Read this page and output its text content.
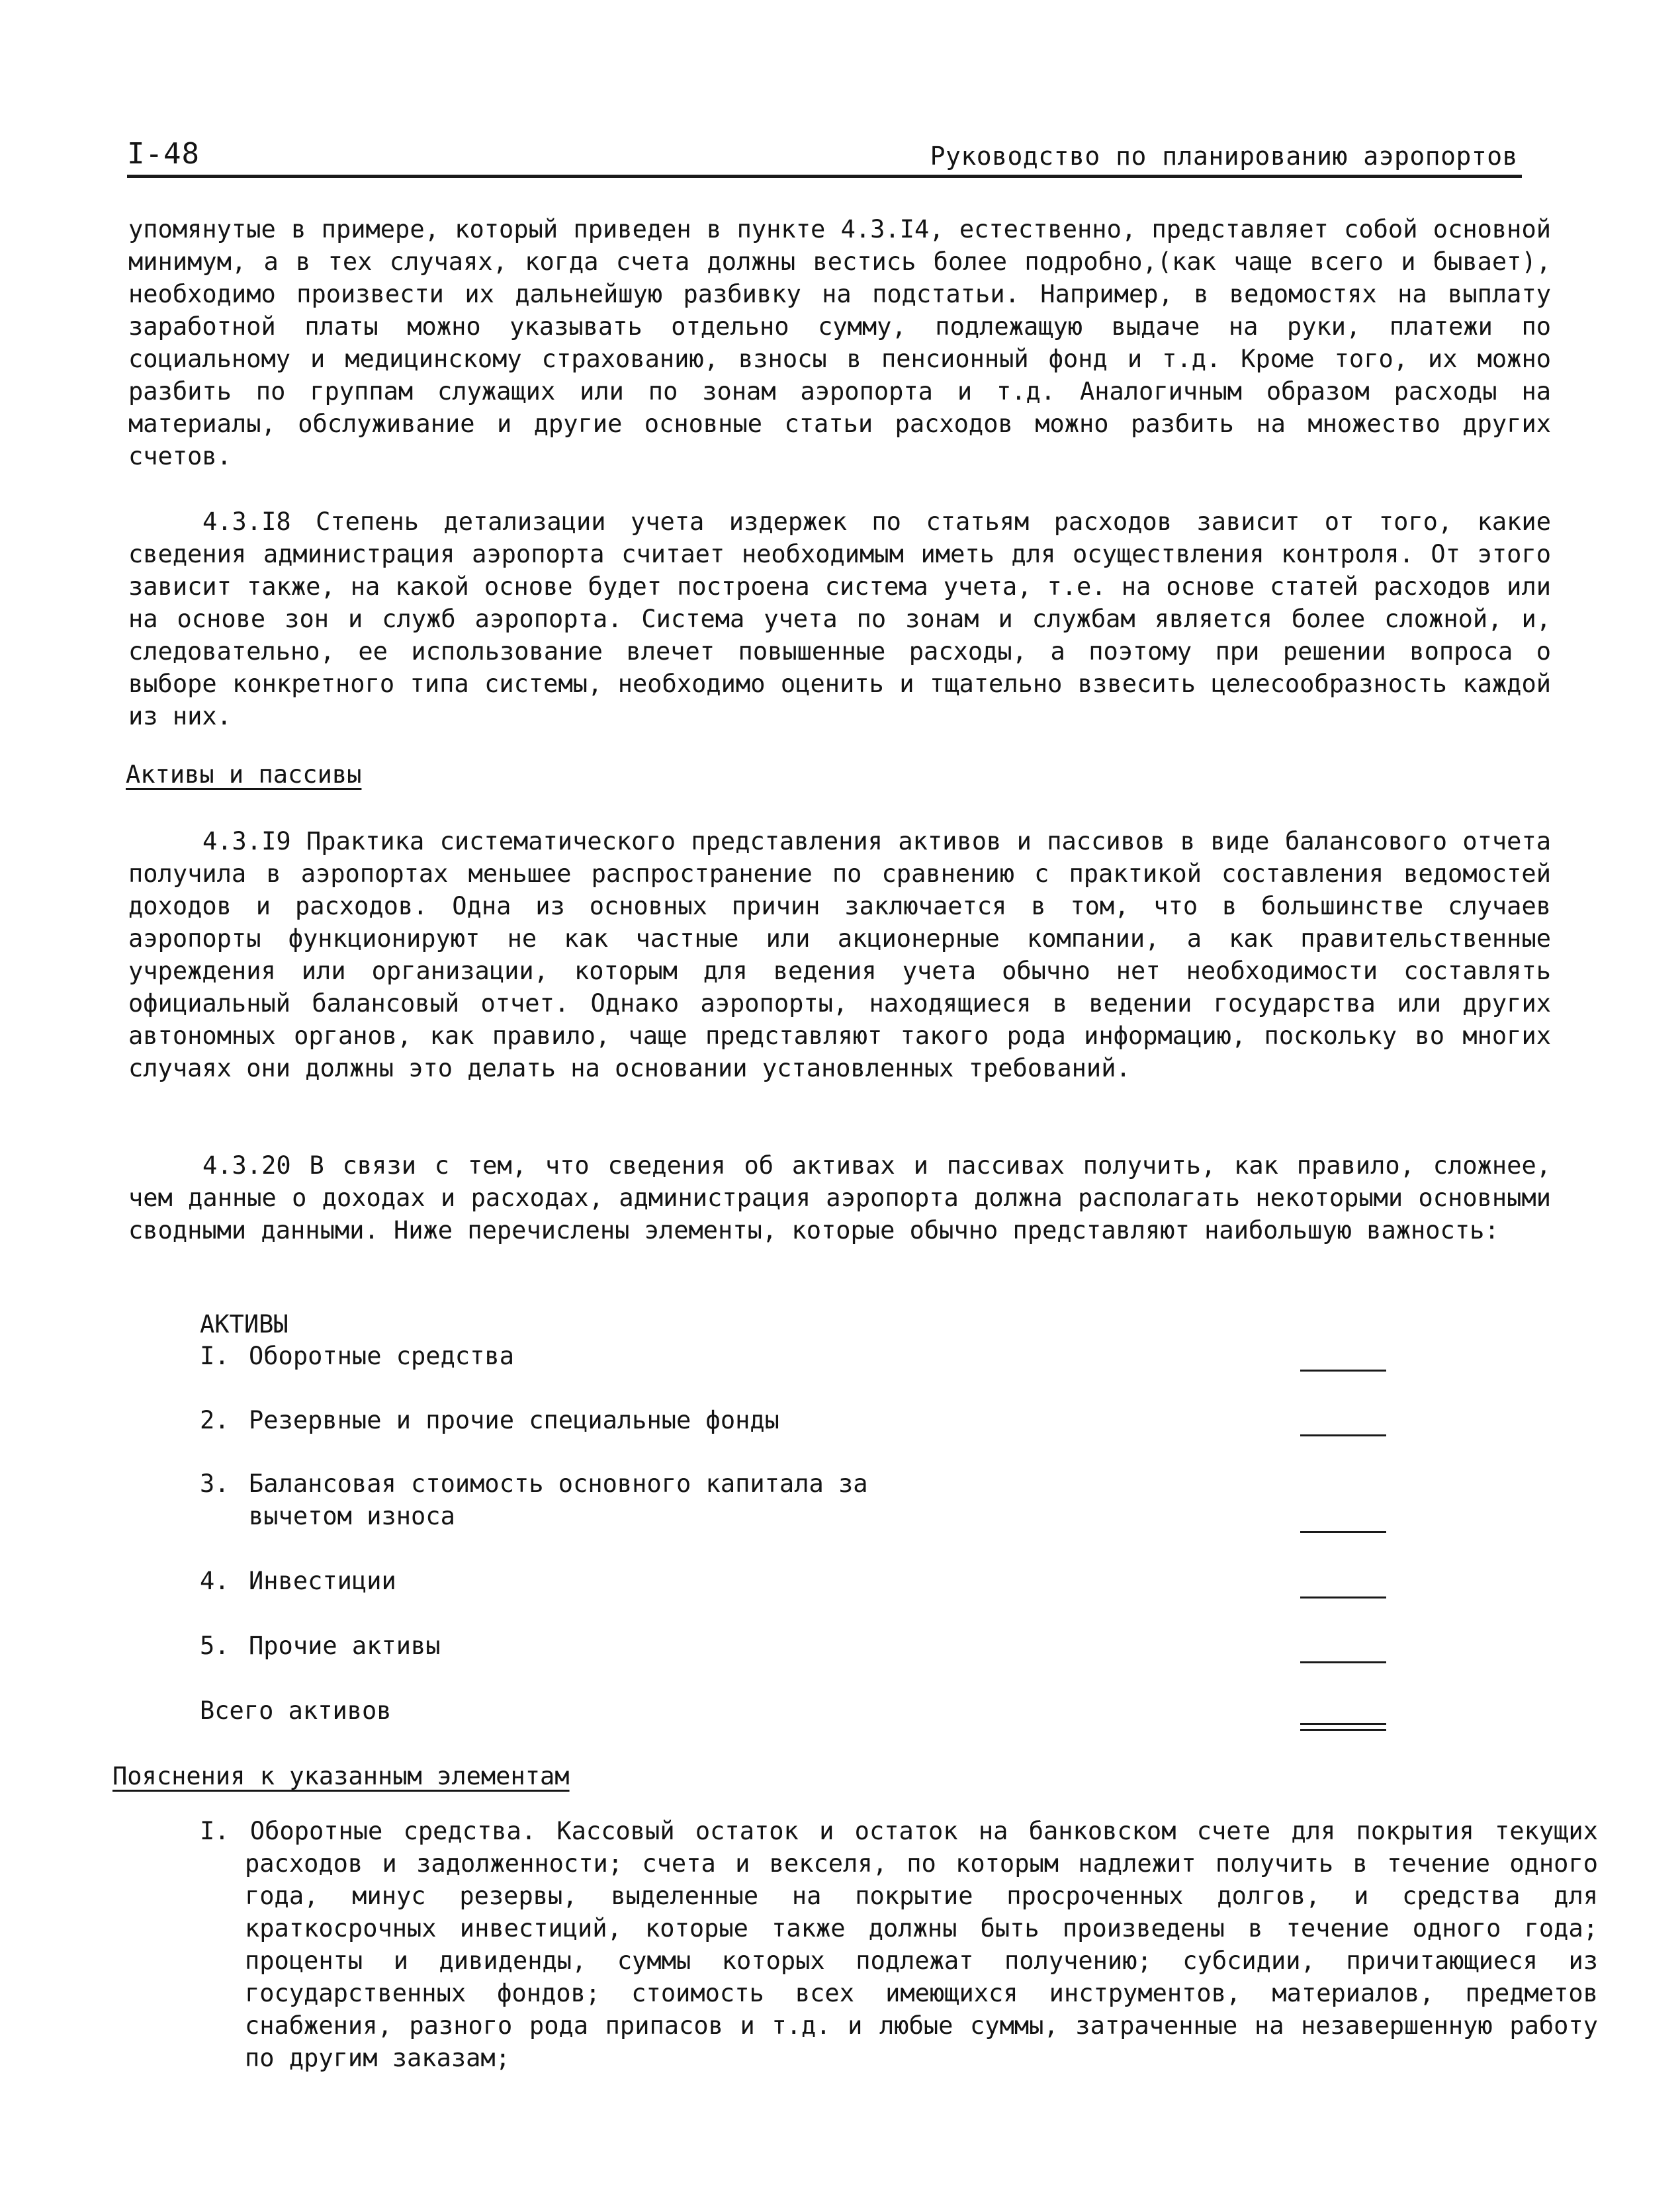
I-48	Руководство по планированию аэропортов

упомянутые в примере, который приведен в пункте 4.3.I4, естественно, представляет собой основной минимум, а в тех случаях, когда счета должны вестись более подробно,(как чаще всего и бывает), необходимо произвести их дальнейшую разбивку на подстатьи. Например, в ведомостях на выплату заработной платы можно указывать отдельно сумму, подлежащую выдаче на руки, платежи по социальному и медицинскому страхованию, взносы в пенсионный фонд и т.д. Кроме того, их можно разбить по группам служащих или по зонам аэропорта и т.д. Аналогичным образом расходы на материалы, обслуживание и другие основные статьи расходов можно разбить на множество других счетов.

4.3.I8 Степень детализации учета издержек по статьям расходов зависит от того, какие сведения администрация аэропорта считает необходимым иметь для осуществления контроля. От этого зависит также, на какой основе будет построена система учета, т.е. на основе статей расходов или на основе зон и служб аэропорта. Система учета по зонам и службам является более сложной, и, следовательно, ее использование влечет повышенные расходы, а поэтому при решении вопроса о выборе конкретного типа системы, необходимо оценить и тщательно взвесить целесообразность каждой из них.

Активы и пассивы

4.3.I9 Практика систематического представления активов и пассивов в виде балансового отчета получила в аэропортах меньшее распространение по сравнению с практикой составления ведомостей доходов и расходов. Одна из основных причин заключается в том, что в большинстве случаев аэропорты функционируют не как частные или акционерные компании, а как правительственные учреждения или организации, которым для ведения учета обычно нет необходимости составлять официальный балансовый отчет. Однако аэропорты, находящиеся в ведении государства или других автономных органов, как правило, чаще представляют такого рода информацию, поскольку во многих случаях они должны это делать на основании установленных требований.

4.3.20 В связи с тем, что сведения об активах и пассивах получить, как правило, сложнее, чем данные о доходах и расходах, администрация аэропорта должна располагать некоторыми основными сводными данными. Ниже перечислены элементы, которые обычно представляют наибольшую важность:

АКТИВЫ
I. Оборотные средства
2. Резервные и прочие специальные фонды
3. Балансовая стоимость основного капитала за
вычетом износа
4. Инвестиции
5. Прочие активы
Всего активов
Пояснения к указанным элементам

I. Оборотные средства. Кассовый остаток и остаток на банковском счете для покрытия текущих расходов и задолженности; счета и векселя, по которым надлежит получить в течение одного года, минус резервы, выделенные на покрытие просроченных долгов, и средства для краткосрочных инвестиций, которые также должны быть произведены в течение одного года; проценты и дивиденды, суммы которых подлежат получению; субсидии, причитающиеся из государственных фондов; стоимость всех имеющихся инструментов, материалов, предметов снабжения, разного рода припасов и т.д. и любые суммы, затраченные на незавершенную работу по другим заказам;
